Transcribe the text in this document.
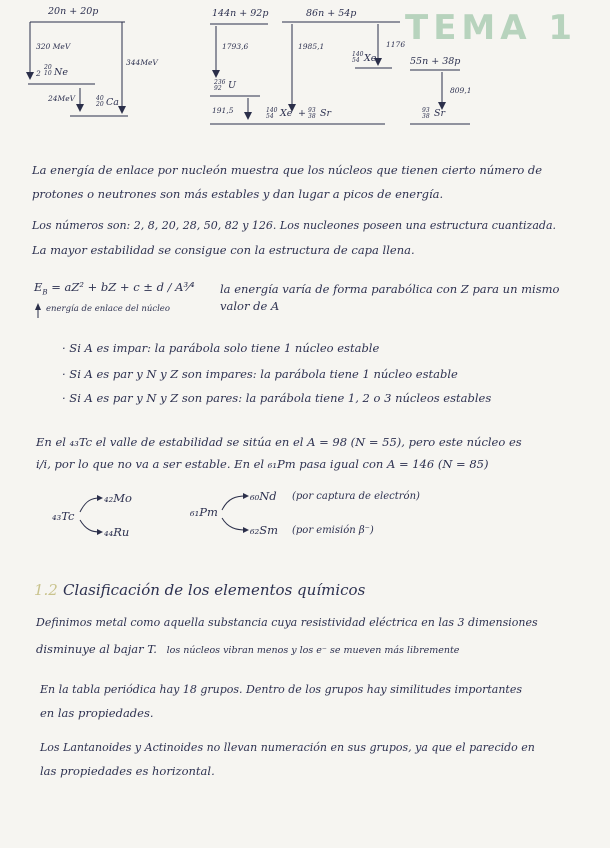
TEMA 1
20n + 20p
320 MeV
2
20
10 Ne
344MeV
24MeV	40
20 Ca
144n + 92p
1793,6
236
92 U
191,5
86n + 54p
1985,1
140
54 Xe
1176
140
54 Xe + 93
38 Sr
55n + 38p
809,1
93
38 Sr
La energía de enlace por nucleón muestra que los núcleos que tienen cierto número de
protones o neutrones son más estables y dan lugar a picos de energía.
Los números son: 2, 8, 20, 28, 50, 82 y 126. Los nucleones poseen una estructura cuantizada.
La mayor estabilidad se consigue con la estructura de capa llena.
$E_B = aZ^2$ + bZ + c ± d / A³⁄⁴
energía de enlace del núcleo
la energía varía de forma parabólica con Z para un mismo
valor de A
· Si A es impar: la parábola solo tiene 1 núcleo estable
· Si A es par y N y Z son impares: la parábola tiene 1 núcleo estable
· Si A es par y N y Z son pares: la parábola tiene 1, 2 o 3 núcleos estables
En el ₄₃Tc el valle de estabilidad se sitúa en el A = 98 (N = 55), pero este núcleo es
i/i, por lo que no va a ser estable. En el ₆₁Pm pasa igual con A = 146 (N = 85)
₄₃Tc
₄₂Mo
₄₄Ru
₆₁Pm
₆₀Nd (por captura de electrón)
₆₂Sm (por emisión β⁻)
1.2 Clasificación de los elementos químicos
Definimos metal como aquella substancia cuya resistividad eléctrica en las 3 dimensiones
disminuye al bajar T. los núcleos vibran menos y los e⁻ se mueven más libremente
En la tabla periódica hay 18 grupos. Dentro de los grupos hay similitudes importantes
en las propiedades.
Los Lantanoides y Actinoides no llevan numeración en sus grupos, ya que el parecido en
las propiedades es horizontal.
